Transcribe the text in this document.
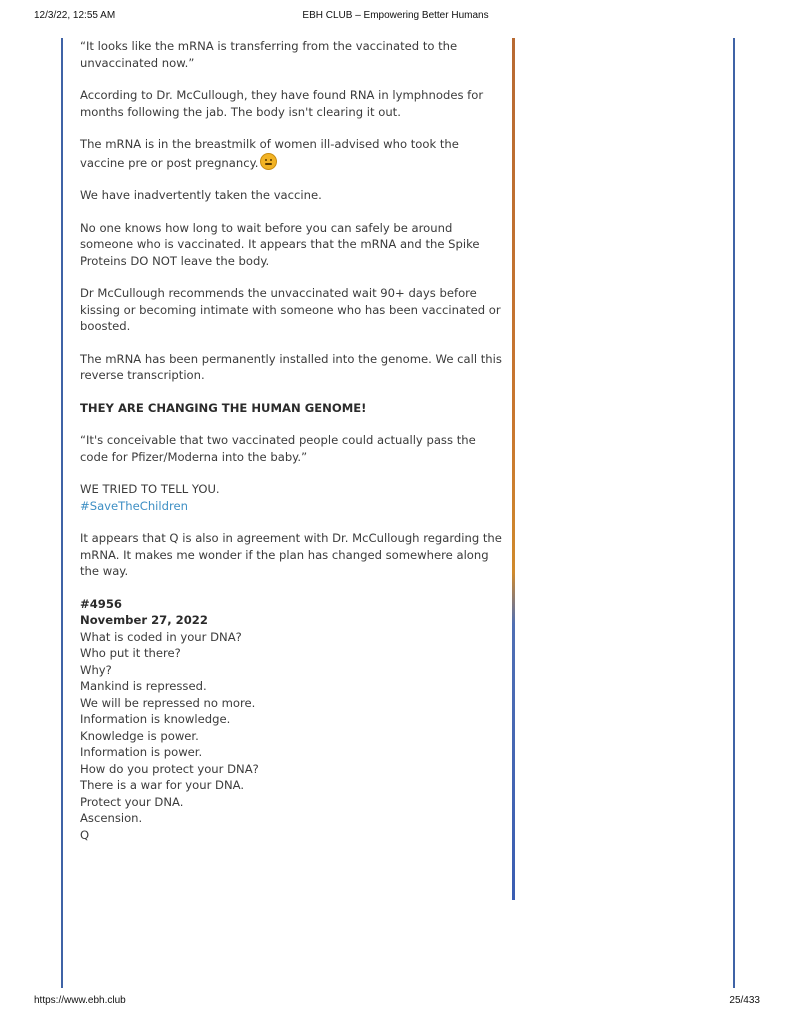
12/3/22, 12:55 AM	EBH CLUB – Empowering Better Humans

“It looks like the mRNA is transferring from the vaccinated to the unvaccinated now.”

According to Dr. McCullough, they have found RNA in lymphnodes for months following the jab. The body isn't clearing it out.

The mRNA is in the breastmilk of women ill-advised who took the vaccine pre or post pregnancy.

We have inadvertently taken the vaccine.

No one knows how long to wait before you can safely be around someone who is vaccinated. It appears that the mRNA and the Spike Proteins DO NOT leave the body.

Dr McCullough recommends the unvaccinated wait 90+ days before kissing or becoming intimate with someone who has been vaccinated or boosted.

The mRNA has been permanently installed into the genome. We call this reverse transcription.

THEY ARE CHANGING THE HUMAN GENOME!

“It's conceivable that two vaccinated people could actually pass the code for Pfizer/Moderna into the baby.”

WE TRIED TO TELL YOU.
#SaveTheChildren

It appears that Q is also in agreement with Dr. McCullough regarding the mRNA. It makes me wonder if the plan has changed somewhere along the way.

#4956
November 27, 2022
What is coded in your DNA?
Who put it there?
Why?
Mankind is repressed.
We will be repressed no more.
Information is knowledge.
Knowledge is power.
Information is power.
How do you protect your DNA?
There is a war for your DNA.
Protect your DNA.
Ascension.
Q
https://www.ebh.club	25/433
